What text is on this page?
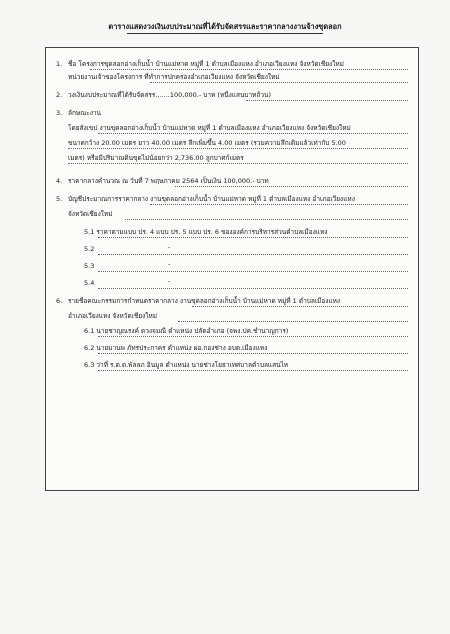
ตารางแสดงวงเงินงบประมาณที่ได้รับจัดสรรและราคากลางงานจ้างซุดลอก
1. ชื่อ โครงการขุดลอกอ่างเก็บน้ำ บ้านแม่หาด หมู่ที่ 1 ตำบลเมืองแหง อำเภอเวียงแหง จังหวัดเชียงใหม่
หน่วยงานเจ้าของโครงการ ที่ทำการปกครองอำเภอเวียงแหง จังหวัดเชียงใหม่
2. วงเงินงบประมาณที่ได้รับจัดสรร.......100,000.- บาท (หนึ่งแสนบาทถ้วน)
3. ลักษณะงาน
โดยสังเขป งานขุดลอกอ่างเก็บน้ำ บ้านแม่หาด หมู่ที่ 1 ตำบลเมืองแหง อำเภอเวียงแหง จังหวัดเชียงใหม่
ขนาดกว้าง 20.00 เมตร ยาว 40.00 เมตร ลึกเพิ่มขึ้น 4.00 เมตร (รวมความลึกเดิมแล้วเท่ากับ 5.00
เมตร) หรือมีปริมาณดินขุดไม่น้อยกว่า 2,736.00 ลูกบาศก์เมตร
4. ราคากลางคำนวณ ณ วันที่ 7 พฤษภาคม 2564 เป็นเงิน 100,000.- บาท
5. บัญชีประมาณการราคากลาง งานขุดลอกอ่างเก็บน้ำ บ้านแม่หาด หมู่ที่ 1 ตำบลเมืองแหง อำเภอเวียงแหง
จังหวัดเชียงใหม่
5.1 ราคาตามแบบ ปร. 4 แบบ ปร. 5 แบบ ปร. 6 ขององค์การบริหารส่วนตำบลเมืองแหง
5.2	-
5.3	-
5.4	-
6. รายชื่อคณะกรรมการกำหนดราคากลาง งานขุดลอกอ่างเก็บน้ำ บ้านแม่หาด หมู่ที่ 1 ตำบลเมืองแหง
อำเภอเวียงแหง จังหวัดเชียงใหม่
6.1 นายชาญณรงค์ ดวงจมณี ตำแหน่ง ปลัดอำเภอ (จพง.ปค.ชำนาญการ)
6.2 นายมานพ ภัทรประกาคร ตำแหน่ง ผอ.กองช่าง อบต.เมืองแหง
6.3 ว่าที่ ร.ต.ต.พัลลภ อินมูล ตำแหน่ง นายช่างโยธาเทศบาลตำบลแสนไห
